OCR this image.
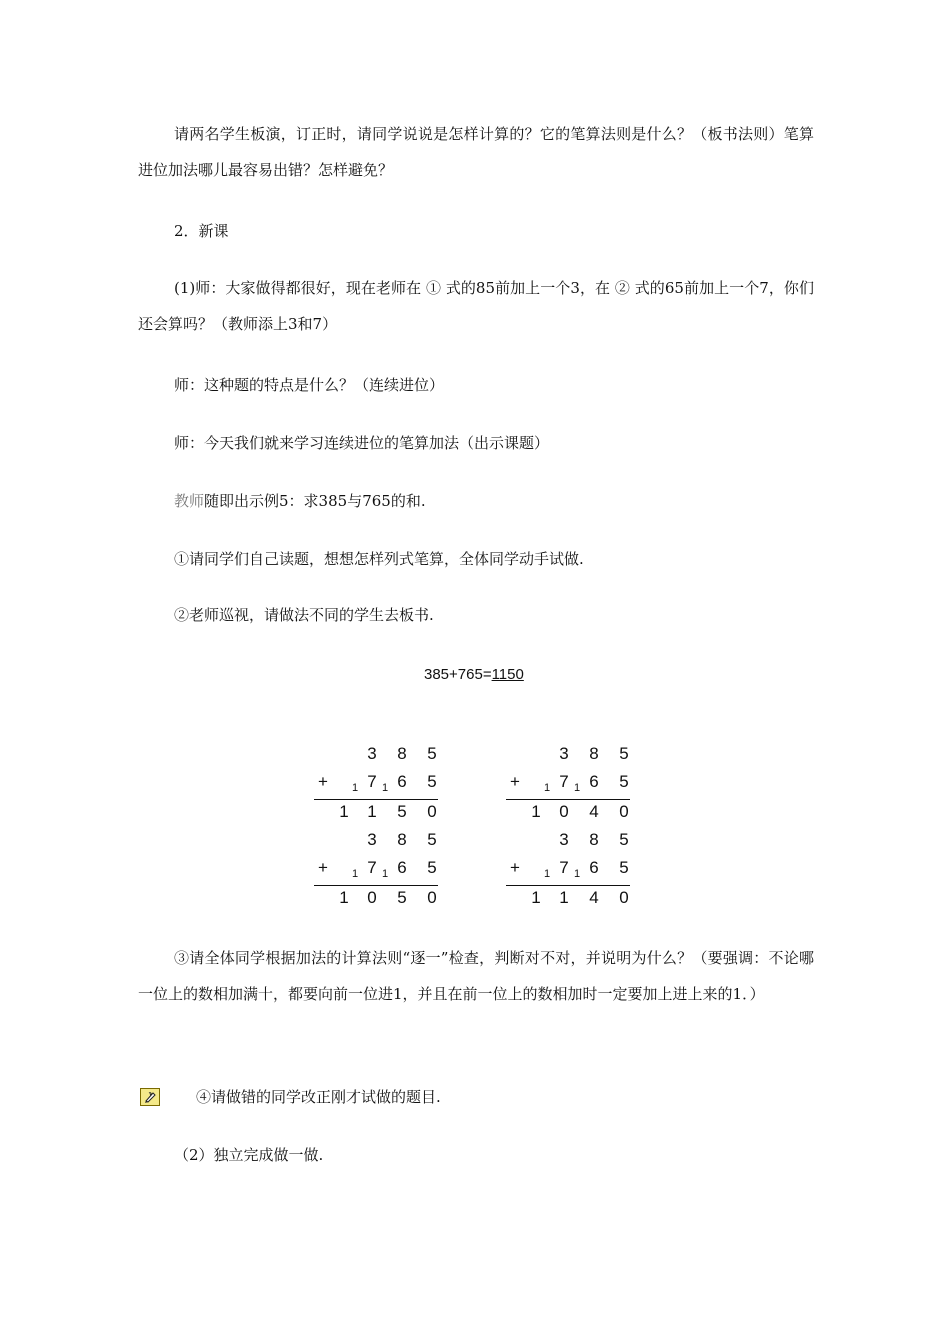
请两名学生板演，订正时，请同学说说是怎样计算的？它的笔算法则是什么？（板书法则）笔算进位加法哪儿最容易出错？怎样避免？
2．新课
(1)师：大家做得都很好，现在老师在 ① 式的85前加上一个3，在 ② 式的65前加上一个7，你们还会算吗？（教师添上3和7）
师：这种题的特点是什么？（连续进位）
师：今天我们就来学习连续进位的笔算加法（出示课题）
教师随即出示例5：求385与765的和.
①请同学们自己读题，想想怎样列式笔算，全体同学动手试做.
②老师巡视，请做法不同的学生去板书.
385+765=1150
3 8 5
+ 1 1
7 6 5
1 1 5 0
3 8 5
+ 1 1
7 6 5
1 0 4 0
3 8 5
+ 1 1
7 6 5
1 0 5 0
3 8 5
+ 1 1
7 6 5
1 1 4 0
③请全体同学根据加法的计算法则“逐一”检查，判断对不对，并说明为什么？（要强调：不论哪一位上的数相加满十，都要向前一位进1，并且在前一位上的数相加时一定要加上进上来的1．）
④请做错的同学改正刚才试做的题目.
（2）独立完成做一做.
